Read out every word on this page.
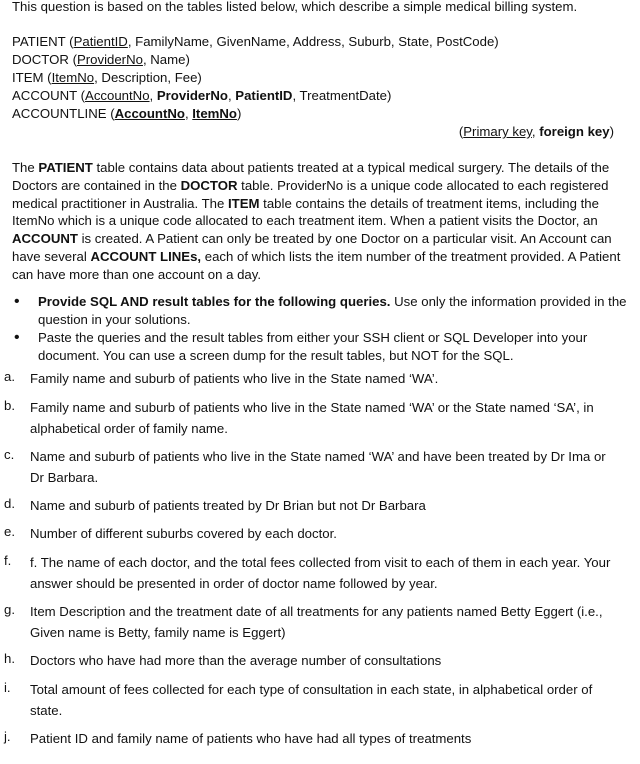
This question is based on the tables listed below, which describe a simple medical billing system.
PATIENT (PatientID, FamilyName, GivenName, Address, Suburb, State, PostCode)
DOCTOR (ProviderNo, Name)
ITEM (ItemNo, Description, Fee)
ACCOUNT (AccountNo, ProviderNo, PatientID, TreatmentDate)
ACCOUNTLINE (AccountNo, ItemNo)
(Primary key, foreign key)
The PATIENT table contains data about patients treated at a typical medical surgery. The details of the Doctors are contained in the DOCTOR table. ProviderNo is a unique code allocated to each registered medical practitioner in Australia. The ITEM table contains the details of treatment items, including the ItemNo which is a unique code allocated to each treatment item. When a patient visits the Doctor, an ACCOUNT is created. A Patient can only be treated by one Doctor on a particular visit. An Account can have several ACCOUNT LINEs, each of which lists the item number of the treatment provided. A Patient can have more than one account on a day.
• Provide SQL AND result tables for the following queries. Use only the information provided in the question in your solutions.
• Paste the queries and the result tables from either your SSH client or SQL Developer into your document. You can use a screen dump for the result tables, but NOT for the SQL.
a.	Family name and suburb of patients who live in the State named ‘WA’.
b.	Family name and suburb of patients who live in the State named ‘WA’ or the State named ‘SA’, in alphabetical order of family name.
c.	Name and suburb of patients who live in the State named ‘WA’ and have been treated by Dr Ima or Dr Barbara.
d.	Name and suburb of patients treated by Dr Brian but not Dr Barbara
e.	Number of different suburbs covered by each doctor.
f.	f. The name of each doctor, and the total fees collected from visit to each of them in each year. Your answer should be presented in order of doctor name followed by year.
g.	Item Description and the treatment date of all treatments for any patients named Betty Eggert (i.e., Given name is Betty, family name is Eggert)
h.	Doctors who have had more than the average number of consultations
i.	Total amount of fees collected for each type of consultation in each state, in alphabetical order of state.
j.	Patient ID and family name of patients who have had all types of treatments
